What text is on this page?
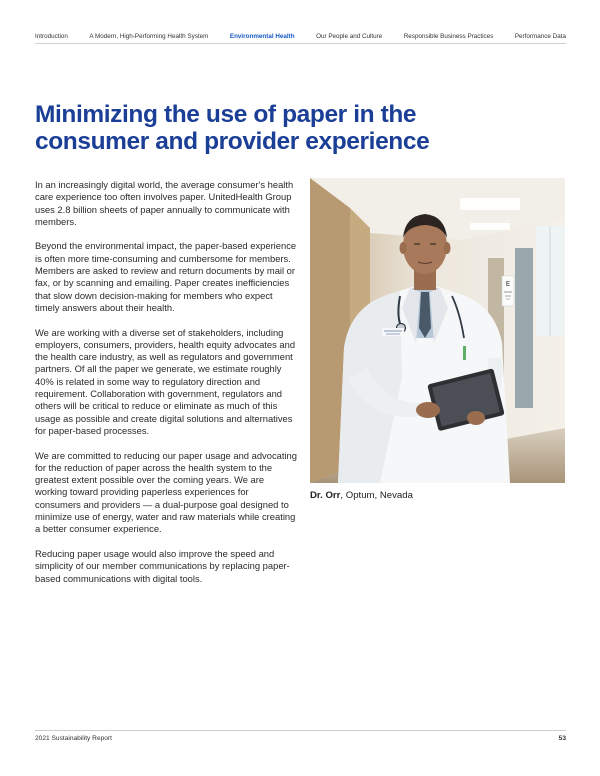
Introduction	A Modern, High-Performing Health System	Environmental Health	Our People and Culture	Responsible Business Practices	Performance Data
Minimizing the use of paper in the
consumer and provider experience

In an increasingly digital world, the average consumer's health care experience too often involves paper. UnitedHealth Group uses 2.8 billion sheets of paper annually to communicate with members.

Beyond the environmental impact, the paper-based experience is often more time-consuming and cumbersome for members. Members are asked to review and return documents by mail or fax, or by scanning and emailing. Paper creates inefficiencies that slow down decision-making for members who expect timely answers about their health.

We are working with a diverse set of stakeholders, including employers, consumers, providers, health equity advocates and the health care industry, as well as regulators and government partners. Of all the paper we generate, we estimate roughly 40% is related in some way to regulatory direction and requirement. Collaboration with government, regulators and others will be critical to reduce or eliminate as much of this usage as possible and create digital solutions and alternatives for paper-based processes.

We are committed to reducing our paper usage and advocating for the reduction of paper across the health system to the greatest extent possible over the coming years. We are working toward providing paperless experiences for consumers and providers — a dual-purpose goal designed to minimize use of energy, water and raw materials while creating a better consumer experience.

Reducing paper usage would also improve the speed and simplicity of our member communications by replacing paper-based communications with digital tools.

E
Dr. Orr, Optum, Nevada
2021 Sustainability Report	53
